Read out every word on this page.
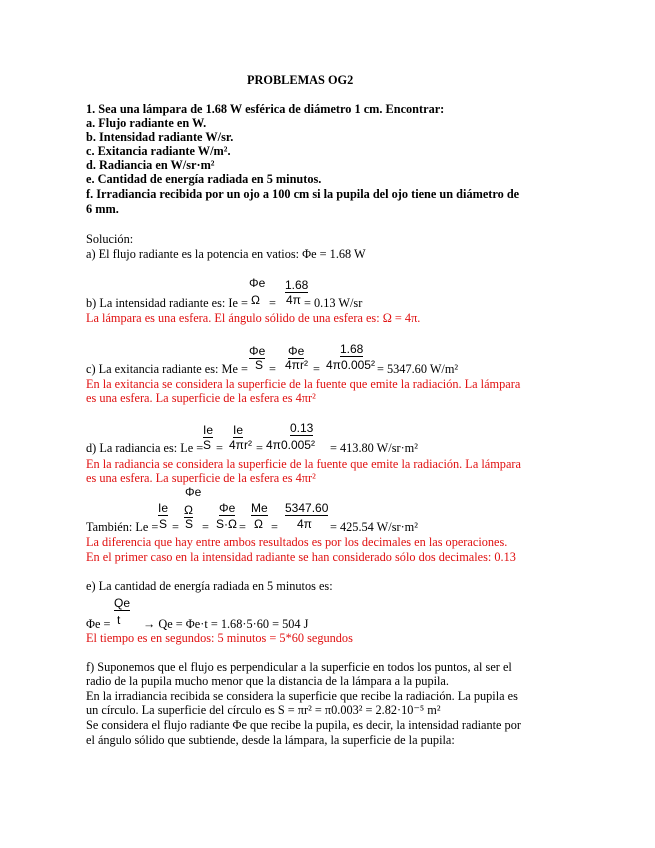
PROBLEMAS OG2
1. Sea una lámpara de 1.68 W esférica de diámetro 1 cm. Encontrar:
a. Flujo radiante en W.
b. Intensidad radiante W/sr.
c. Exitancia radiante W/m².
d. Radiancia en W/sr·m²
e. Cantidad de energía radiada en 5 minutos.
f. Irradiancia recibida por un ojo a 100 cm si la pupila del ojo tiene un diámetro de
6 mm.
Solución:
a) El flujo radiante es la potencia en vatios: Φe = 1.68 W
Φe 1.68
b) La intensidad radiante es: Ie = Ω = 4π = 0.13 W/sr
La lámpara es una esfera. El ángulo sólido de una esfera es: Ω = 4π.
Φe Φe	1.68
c) La exitancia radiante es: Me = S = 4πr² = 4π0.005² = 5347.60 W/m²
En la exitancia se considera la superficie de la fuente que emite la radiación. La lámpara
es una esfera. La superficie de la esfera es 4πr²
Ie Ie	0.13
d) La radiancia es: Le = S = 4πr² = 4π0.005² = 413.80 W/sr·m²
En la radiancia se considera la superficie de la fuente que emite la radiación. La lámpara
es una esfera. La superficie de la esfera es 4πr²
Φe
Ie Ω Φe Me 5347.60
También: Le = S = S = S·Ω = Ω = 4π = 425.54 W/sr·m²
La diferencia que hay entre ambos resultados es por los decimales en las operaciones.
En el primer caso en la intensidad radiante se han considerado sólo dos decimales: 0.13
e) La cantidad de energía radiada en 5 minutos es:
Qe
Φe = t → Qe = Φe·t = 1.68·5·60 = 504 J
El tiempo es en segundos: 5 minutos = 5*60 segundos
f) Suponemos que el flujo es perpendicular a la superficie en todos los puntos, al ser el
radio de la pupila mucho menor que la distancia de la lámpara a la pupila.
En la irradiancia recibida se considera la superficie que recibe la radiación. La pupila es
un círculo. La superficie del círculo es S = πr² = π0.003² = 2.82·10⁻⁵ m²
Se considera el flujo radiante Φe que recibe la pupila, es decir, la intensidad radiante por
el ángulo sólido que subtiende, desde la lámpara, la superficie de la pupila:
